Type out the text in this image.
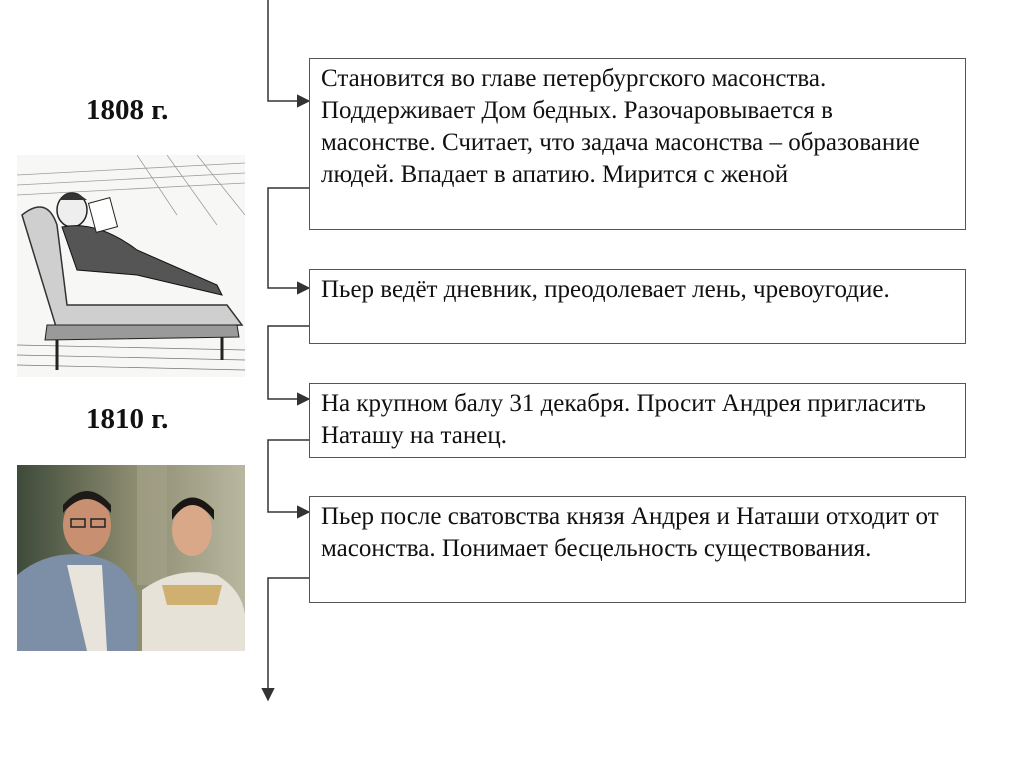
1808 г.
1810 г.
Становится во главе петербургского масонства. Поддерживает Дом бедных. Разочаровывается в масонстве. Считает, что задача масонства – образование людей. Впадает в апатию. Мирится с женой
Пьер ведёт дневник, преодолевает лень, чревоугодие.
На крупном балу 31 декабря. Просит Андрея пригласить Наташу на танец.
Пьер после сватовства князя Андрея и Наташи отходит от масонства. Понимает бесцельность существования.
